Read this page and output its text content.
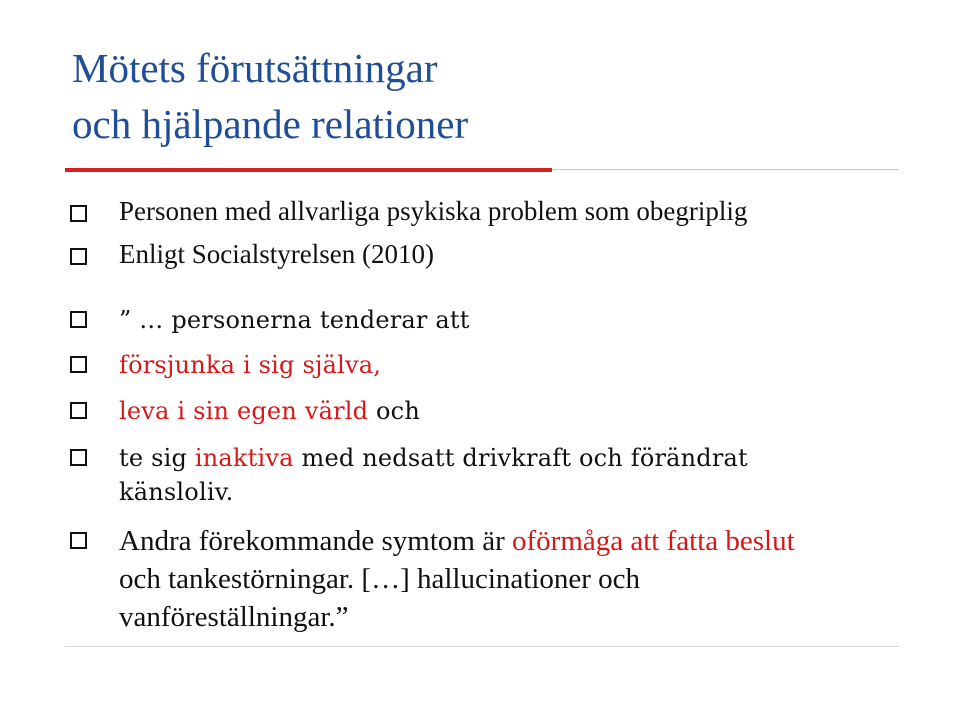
Mötets förutsättningar
och hjälpande relationer
Personen med allvarliga psykiska problem som obegriplig
Enligt Socialstyrelsen (2010)
” … personerna tenderar att
försjunka i sig själva,
leva i sin egen värld och
te sig inaktiva med nedsatt drivkraft och förändrat
känsloliv.
Andra förekommande symtom är oförmåga att fatta beslut
och tankestörningar. […] hallucinationer och
vanföreställningar.”
